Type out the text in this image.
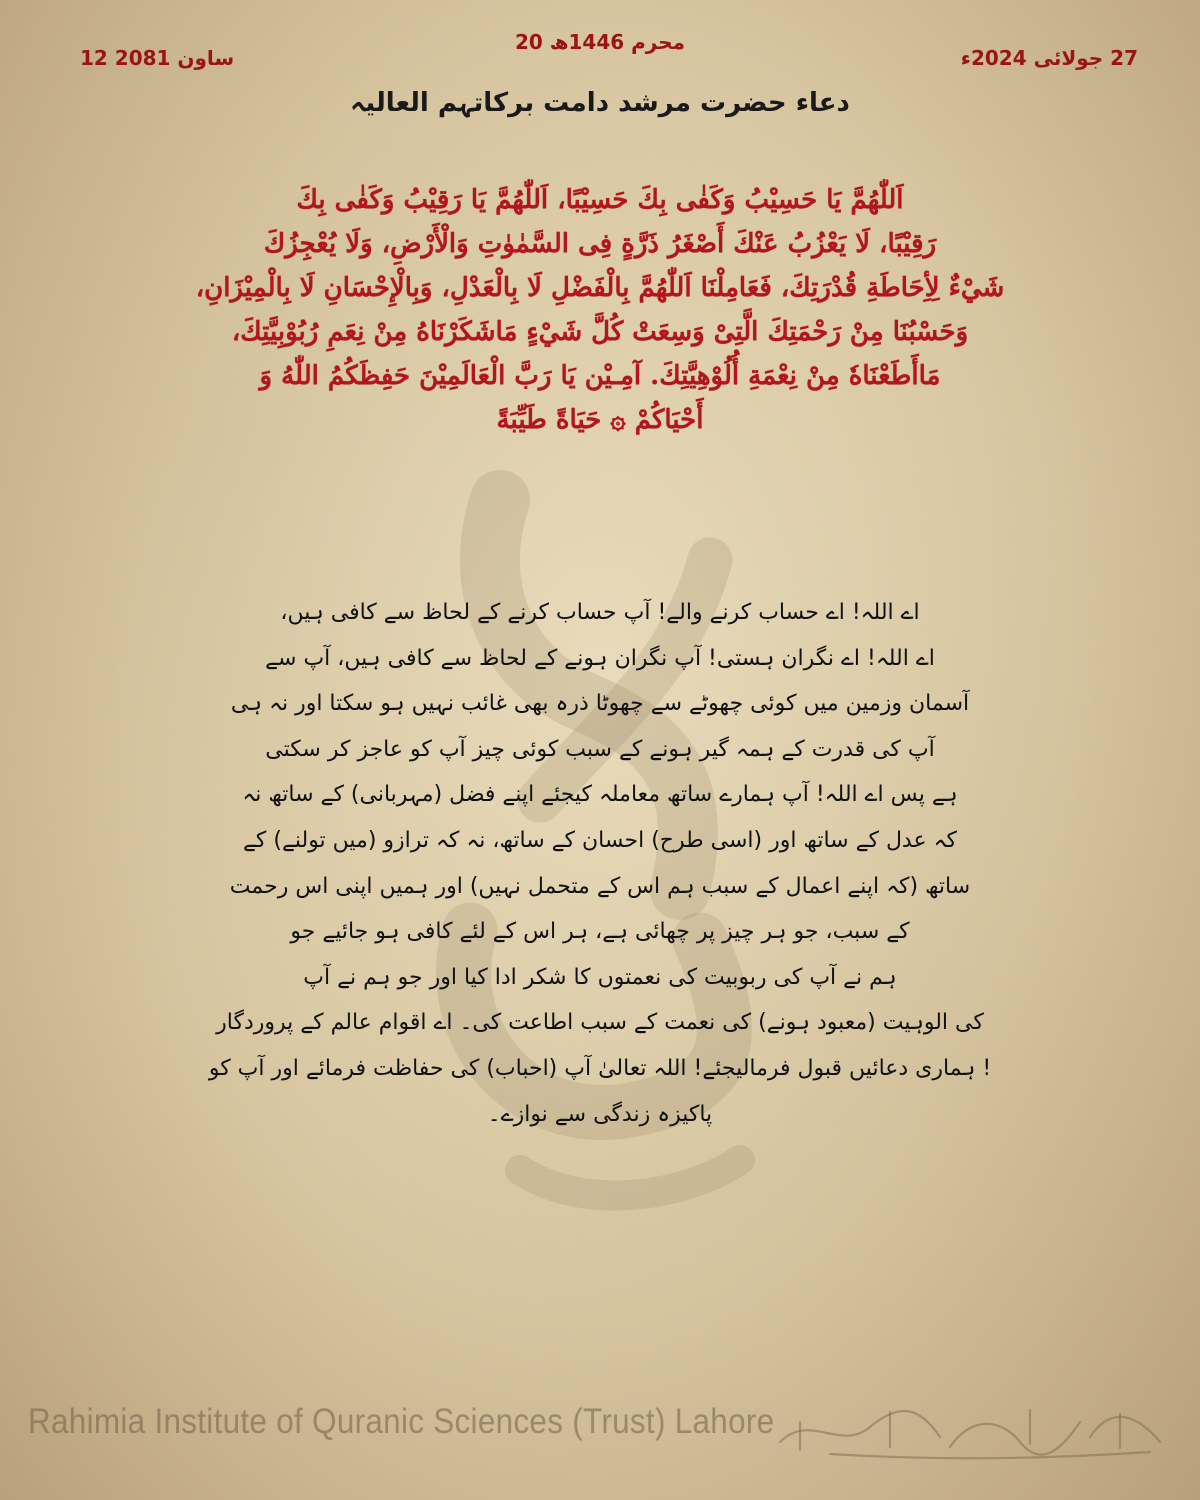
12 ساون 2081
20 محرم 1446ھ
27 جولائی 2024ء
دعاء حضرت مرشد دامت برکاتہم العالیہ
اَللّٰهُمَّ يَا حَسِيْبُ وَكَفٰى بِكَ حَسِيْبًا، اَللّٰهُمَّ يَا رَقِيْبُ وَكَفٰى بِكَ
رَقِيْبًا، لَا يَعْزُبُ عَنْكَ أَصْغَرُ ذَرَّةٍ فِى السَّمٰوٰتِ وَالْأَرْضِ، وَلَا يُعْجِزُكَ
شَيْءٌ لِأِحَاطَةِ قُدْرَتِكَ، فَعَامِلْنَا اَللّٰهُمَّ بِالْفَضْلِ لَا بِالْعَدْلِ، وَبِالْإِحْسَانِ لَا بِالْمِيْزَانِ،
وَحَسْبُنَا مِنْ رَحْمَتِكَ الَّتِىْ وَسِعَتْ كُلَّ شَيْءٍ مَاشَكَرْنَاهُ مِنْ نِعَمِ رُبُوْبِيَّتِكَ،
مَاأَطَعْنَاهٗ مِنْ نِعْمَةِ أُلُوْهِيَّتِكَ. آمِـيْن يَا رَبَّ الْعَالَمِيْنَ حَفِظَكُمُ اللّٰهُ وَ
أَحْيَاكُمْ ۞ حَيَاةً طَيِّبَةً
اے اللہ! اے حساب کرنے والے! آپ حساب کرنے کے لحاظ سے کافی ہیں،
اے اللہ! اے نگران ہستی! آپ نگران ہونے کے لحاظ سے کافی ہیں، آپ سے
آسمان وزمین میں کوئی چھوٹے سے چھوٹا ذرہ بھی غائب نہیں ہو سکتا اور نہ ہی
آپ کی قدرت کے ہمہ گیر ہونے کے سبب کوئی چیز آپ کو عاجز کر سکتی
ہے پس اے اللہ! آپ ہمارے ساتھ معاملہ کیجئے اپنے فضل (مہربانی) کے ساتھ نہ
کہ عدل کے ساتھ اور (اسی طرح) احسان کے ساتھ، نہ کہ ترازو (میں تولنے) کے
ساتھ (کہ اپنے اعمال کے سبب ہم اس کے متحمل نہیں) اور ہمیں اپنی اس رحمت
کے سبب، جو ہر چیز پر چھائی ہے، ہر اس کے لئے کافی ہو جائیے جو
ہم نے آپ کی ربوبیت کی نعمتوں کا شکر ادا کیا اور جو ہم نے آپ
کی الوہیت (معبود ہونے) کی نعمت کے سبب اطاعت کی۔ اے اقوام عالم کے پروردگار
! ہماری دعائیں قبول فرمالیجئے! اللہ تعالیٰ آپ (احباب) کی حفاظت فرمائے اور آپ کو
پاکیزہ زندگی سے نوازے۔
Rahimia Institute of Quranic Sciences (Trust) Lahore
